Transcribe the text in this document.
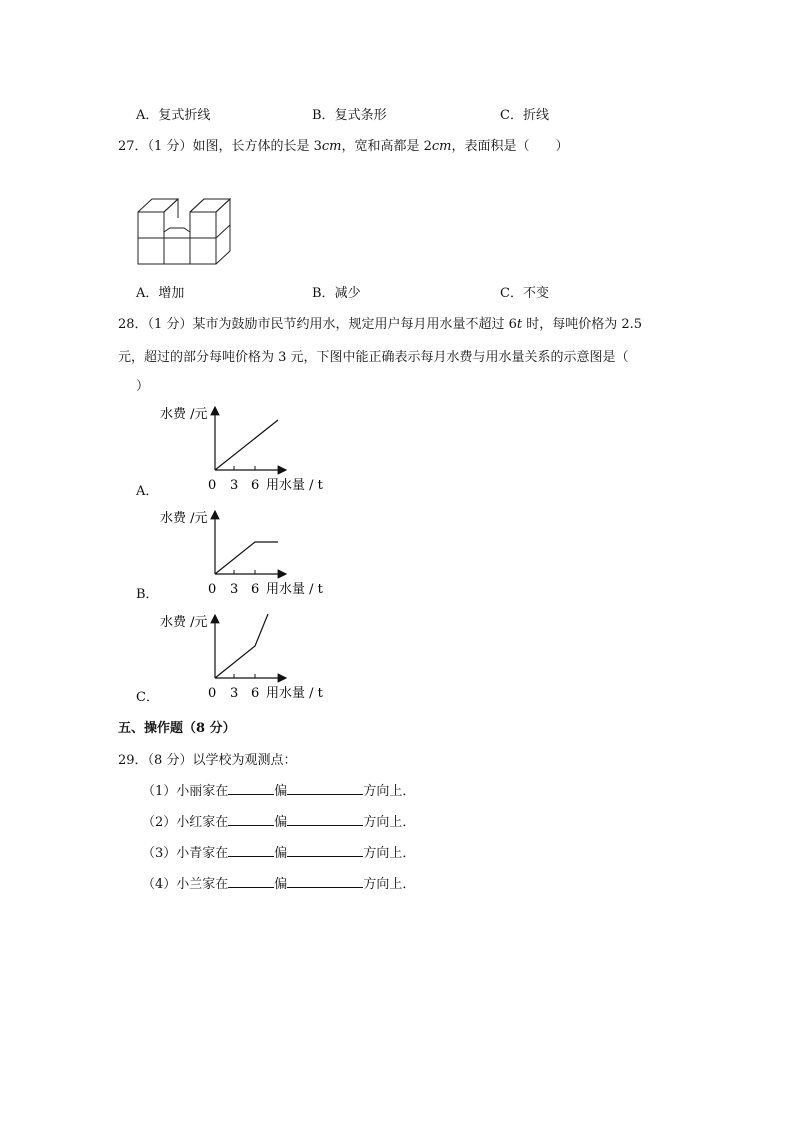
A．复式折线	B．复式条形	C．折线
27．（1 分）如图，长方体的长是 3cm，宽和高都是 2cm，表面积是（　　）
A．增加	B．减少	C．不变
28．（1 分）某市为鼓励市民节约用水，规定用户每月用水量不超过 6t 时，每吨价格为 2.5
元，超过的部分每吨价格为 3 元，下图中能正确表示每月水费与用水量关系的示意图是（
）
A．
水费 /元
0 3 6 用水量 / t
B．
水费 /元
0 3 6 用水量 / t
C．
水费 /元
0 3 6 用水量 / t
五、操作题（8 分）
29．（8 分）以学校为观测点：
（1）小丽家在	偏	方向上．
（2）小红家在	偏	方向上．
（3）小青家在	偏	方向上．
（4）小兰家在	偏	方向上．
